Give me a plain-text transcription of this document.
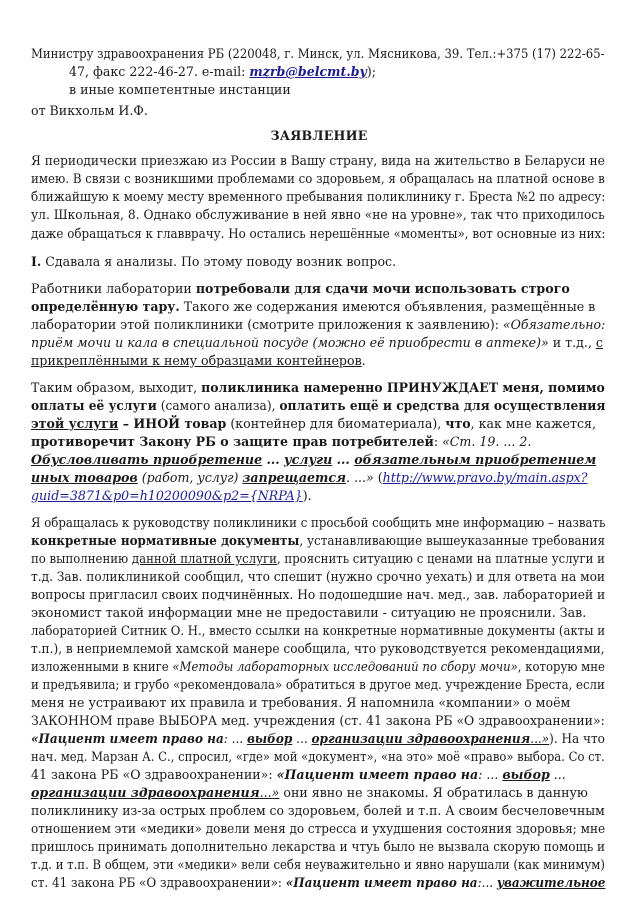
Министру здравоохранения РБ (220048, г. Минск, ул. Мясникова, 39. Тел.:+375 (17) 222-65-
47, факс 222-46-27. e-mail: mzrb@belcmt.by);
в иные компетентные инстанции
от Викхольм И.Ф.
ЗАЯВЛЕНИЕ
Я периодически приезжаю из России в Вашу страну, вида на жительство в Беларуси не
имею. В связи с возникшими проблемами со здоровьем, я обращалась на платной основе в
ближайшую к моему месту временного пребывания поликлинику г. Бреста №2 по адресу:
ул. Школьная, 8. Однако обслуживание в ней явно «не на уровне», так что приходилось
даже обращаться к главврачу. Но остались нерешённые «моменты», вот основные из них:
I. Сдавала я анализы. По этому поводу возник вопрос.
Работники лаборатории потребовали для сдачи мочи использовать строго
определённую тару. Такого же содержания имеются объявления, размещённые в
лаборатории этой поликлиники (смотрите приложения к заявлению): «Обязательно:
приём мочи и кала в специальной посуде (можно её приобрести в аптеке)» и т.д., с
прикреплёнными к нему образцами контейнеров.
Таким образом, выходит, поликлиника намеренно ПРИНУЖДАЕТ меня, помимо
оплаты её услуги (самого анализа), оплатить ещё и средства для осуществления
этой услуги – ИНОЙ товар (контейнер для биоматериала), что, как мне кажется,
противоречит Закону РБ о защите прав потребителей: «Ст. 19. ... 2.
Обусловливать приобретение ... услуги ... обязательным приобретением
иных товаров (работ, услуг) запрещается. ...» (http://www.pravo.by/main.aspx?
guid=3871&p0=h10200090&p2={NRPA}).
Я обращалась к руководству поликлиники с просьбой сообщить мне информацию – назвать
конкретные нормативные документы, устанавливающие вышеуказанные требования
по выполнению данной платной услуги, прояснить ситуацию с ценами на платные услуги и
т.д. Зав. поликлиникой сообщил, что спешит (нужно срочно уехать) и для ответа на мои
вопросы пригласил своих подчинённых. Но подошедшие нач. мед., зав. лабораторией и
экономист такой информации мне не предоставили - ситуацию не прояснили. Зав.
лабораторией Ситник О. Н., вместо ссылки на конкретные нормативные документы (акты и
т.п.), в неприемлемой хамской манере сообщила, что руководствуется рекомендациями,
изложенными в книге «Методы лабораторных исследований по сбору мочи», которую мне
и предъявила; и грубо «рекомендовала» обратиться в другое мед. учреждение Бреста, если
меня не устраивают их правила и требования. Я напомнила «компании» о моём
ЗАКОННОМ праве ВЫБОРА мед. учреждения (ст. 41 закона РБ «О здравоохранении»:
«Пациент имеет право на: ... выбор ... организации здравоохранения...»). На что
нач. мед. Марзан А. С., спросил, «где» мой «документ», «на это» моё «право» выбора. Со ст.
41 закона РБ «О здравоохранении»: «Пациент имеет право на: ... выбор ...
организации здравоохранения...» они явно не знакомы. Я обратилась в данную
поликлинику из-за острых проблем со здоровьем, болей и т.п. А своим бесчеловечным
отношением эти «медики» довели меня до стресса и ухудшения состояния здоровья; мне
пришлось принимать дополнительно лекарства и чтуь было не вызвала скорую помощь и
т.д. и т.п. В общем, эти «медики» вели себя неуважительно и явно нарушали (как минимум)
ст. 41 закона РБ «О здравоохранении»: «Пациент имеет право на:... уважительное
